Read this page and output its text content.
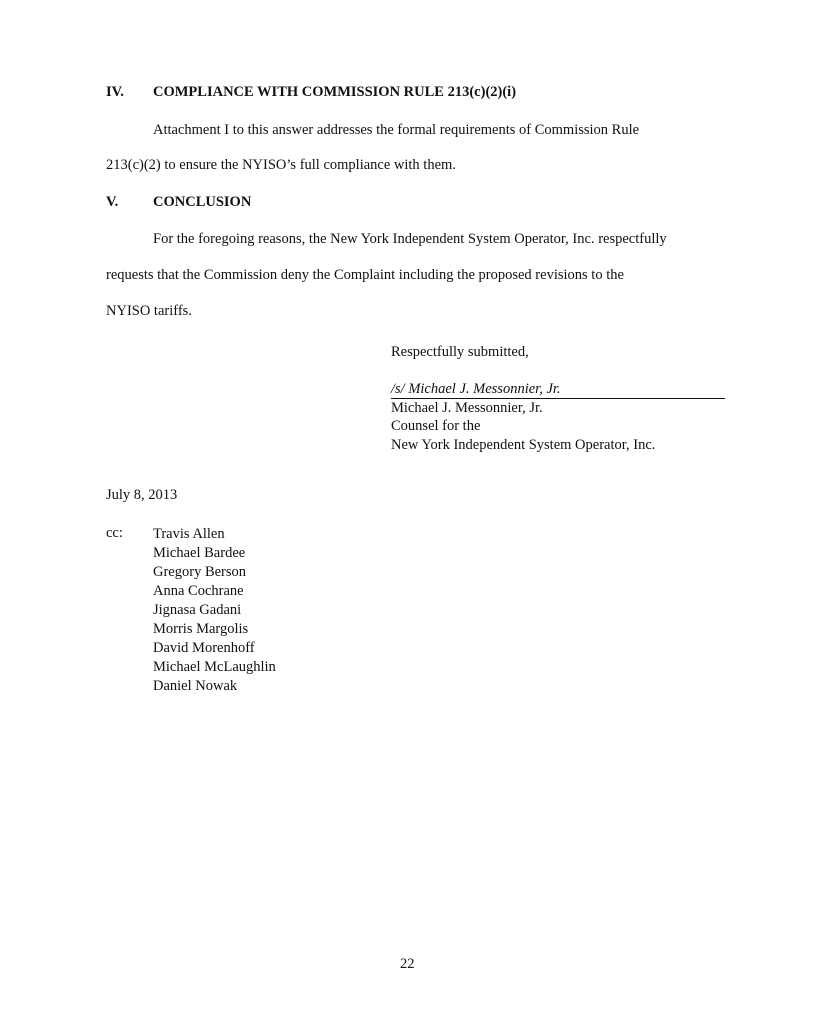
IV. COMPLIANCE WITH COMMISSION RULE 213(c)(2)(i)
Attachment I to this answer addresses the formal requirements of Commission Rule
213(c)(2) to ensure the NYISO’s full compliance with them.
V. CONCLUSION
For the foregoing reasons, the New York Independent System Operator, Inc. respectfully
requests that the Commission deny the Complaint including the proposed revisions to the
NYISO tariffs.
Respectfully submitted,
/s/ Michael J. Messonnier, Jr.
Michael J. Messonnier, Jr.
Counsel for the
New York Independent System Operator, Inc.
July 8, 2013
cc: Travis Allen
Michael Bardee
Gregory Berson
Anna Cochrane
Jignasa Gadani
Morris Margolis
David Morenhoff
Michael McLaughlin
Daniel Nowak
22
